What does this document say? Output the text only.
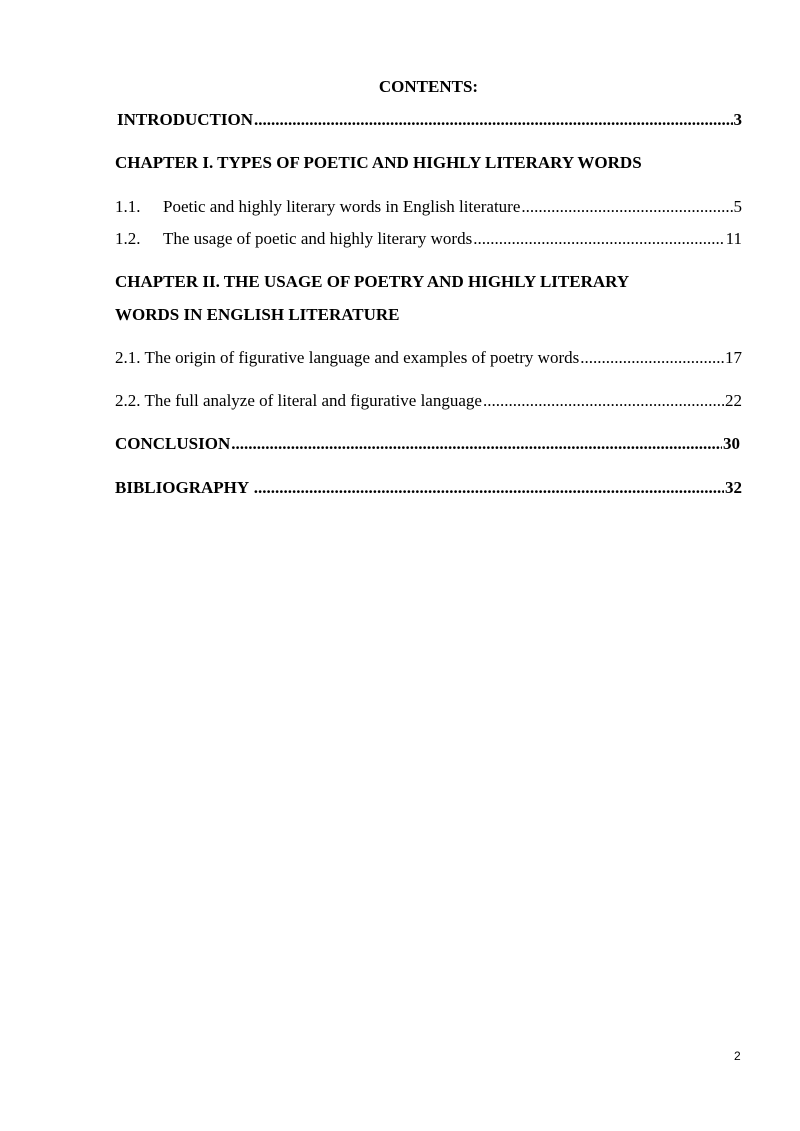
CONTENTS:
INTRODUCTION .....	3
CHAPTER I. TYPES OF POETIC AND HIGHLY LITERARY WORDS
1.1. Poetic and highly literary words in English literature .....	5
1.2. The usage of poetic and highly literary words .....	11
CHAPTER II. THE USAGE OF POETRY AND HIGHLY LITERARY
WORDS IN ENGLISH LITERATURE
2.1. The origin of figurative language and examples of poetry words .....	17
2.2. The full analyze of literal and figurative language .....	22
CONCLUSION .....	30
BIBLIOGRAPHY .....	32
2
